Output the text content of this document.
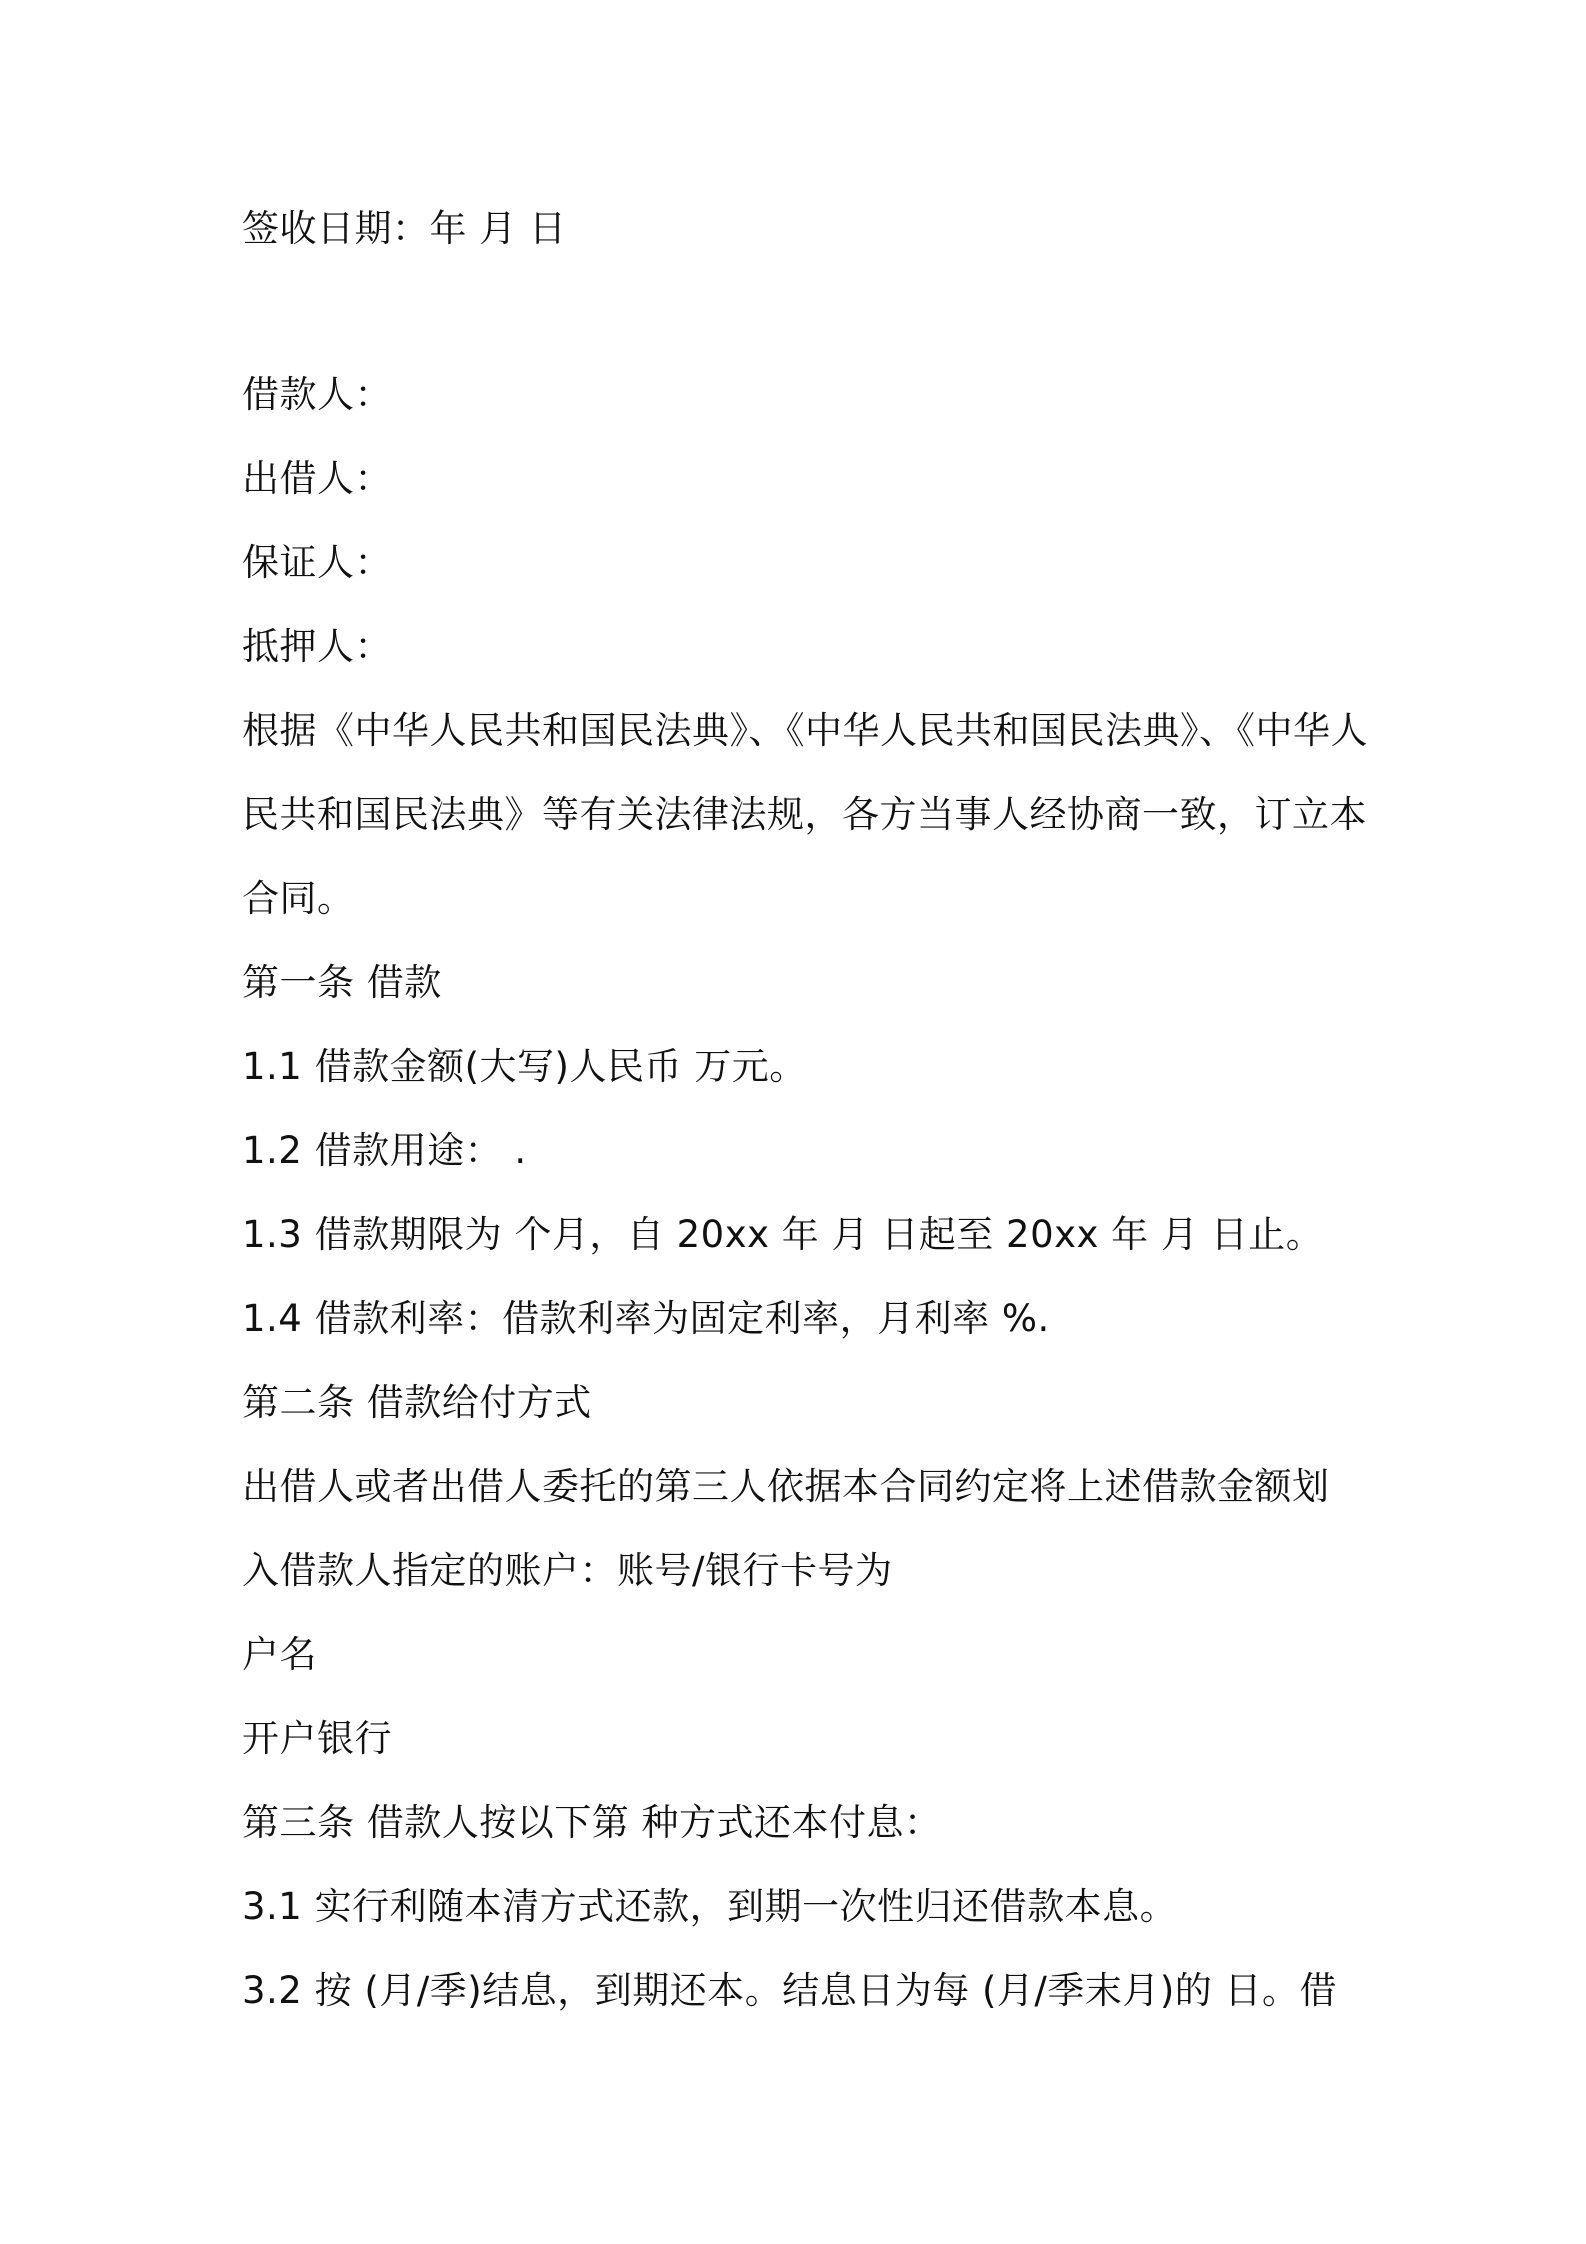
签收日期：年 月 日
借款人：
出借人：
保证人：
抵押人：
根据《中华人民共和国民法典》、《中华人民共和国民法典》、《中华人
民共和国民法典》等有关法律法规，各方当事人经协商一致，订立本
合同。
第一条 借款
1.1 借款金额(大写)人民币 万元。
1.2 借款用途： .
1.3 借款期限为 个月，自 20xx 年 月 日起至 20xx 年 月 日止。
1.4 借款利率：借款利率为固定利率，月利率 %.
第二条 借款给付方式
出借人或者出借人委托的第三人依据本合同约定将上述借款金额划
入借款人指定的账户：账号/银行卡号为
户名
开户银行
第三条 借款人按以下第 种方式还本付息：
3.1 实行利随本清方式还款，到期一次性归还借款本息。
3.2 按 (月/季)结息，到期还本。结息日为每 (月/季末月)的 日。借
